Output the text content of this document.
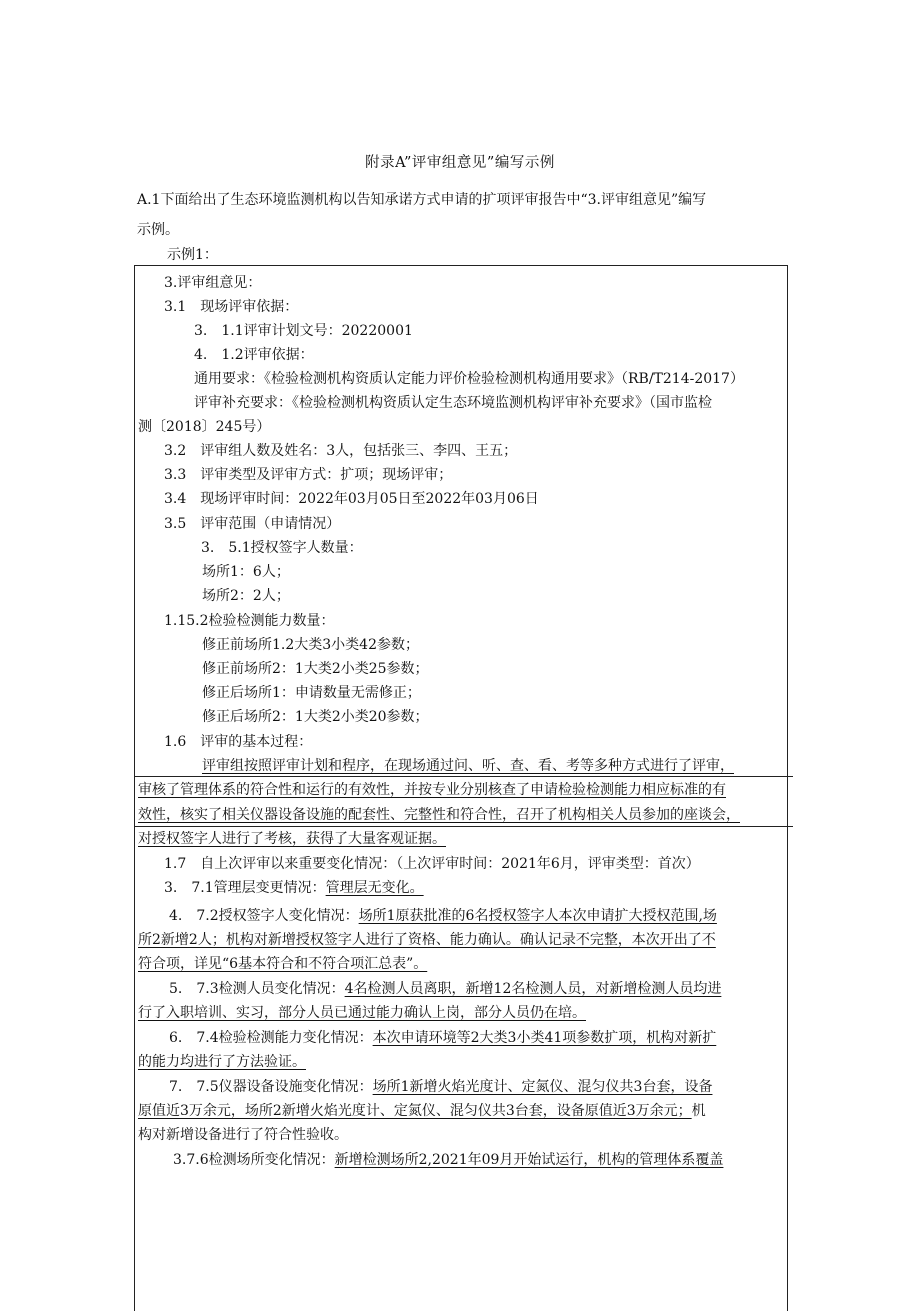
附录A”评审组意见”编写示例
A.1下面给出了生态环境监测机构以告知承诺方式申请的扩项评审报告中“3.评审组意见”编写
示例。
示例1：
3.评审组意见：
3.1　现场评审依据：
3.　1.1评审计划文号：20220001
4.　1.2评审依据：
通用要求：《检验检测机构资质认定能力评价检验检测机构通用要求》（RB/T214-2017）
评审补充要求：《检验检测机构资质认定生态环境监测机构评审补充要求》（国市监检
测〔2018〕245号）
3.2　评审组人数及姓名：3人，包括张三、李四、王五；
3.3　评审类型及评审方式：扩项；现场评审；
3.4　现场评审时间：2022年03月05日至2022年03月06日
3.5　评审范围（申请情况）
3.　5.1授权签字人数量：
场所1：6人；
场所2：2人；
1.15.2检验检测能力数量：
修正前场所1.2大类3小类42参数；
修正前场所2：1大类2小类25参数；
修正后场所1：申请数量无需修正；
修正后场所2：1大类2小类20参数；
1.6　评审的基本过程：
评审组按照评审计划和程序，在现场通过问、听、查、看、考等多种方式进行了评审，
审核了管理体系的符合性和运行的有效性，并按专业分别核查了申请检验检测能力相应标准的有
效性，核实了相关仪器设备设施的配套性、完整性和符合性，召开了机构相关人员参加的座谈会，
对授权签字人进行了考核，获得了大量客观证据。
1.7　自上次评审以来重要变化情况：（上次评审时间：2021年6月，评审类型：首次）
3.　7.1管理层变更情况：管理层无变化。
4.　7.2授权签字人变化情况：场所1原获批准的6名授权签字人本次申请扩大授权范围,场
所2新增2人；机构对新增授权签字人进行了资格、能力确认。确认记录不完整，本次开出了不
符合项，详见“6基本符合和不符合项汇总表”。
5.　7.3检测人员变化情况：4名检测人员离职，新增12名检测人员，对新增检测人员均进
行了入职培训、实习，部分人员已通过能力确认上岗，部分人员仍在培。
6.　7.4检验检测能力变化情况：本次申请环境等2大类3小类41项参数扩项，机构对新扩
的能力均进行了方法验证。
7.　7.5仪器设备设施变化情况：场所1新增火焰光度计、定氮仪、混匀仪共3台套，设备
原值近3万余元，场所2新增火焰光度计、定氮仪、混匀仪共3台套，设备原值近3万余元；机
构对新增设备进行了符合性验收。
3.7.6检测场所变化情况：新增检测场所2,2021年09月开始试运行，机构的管理体系覆盖
